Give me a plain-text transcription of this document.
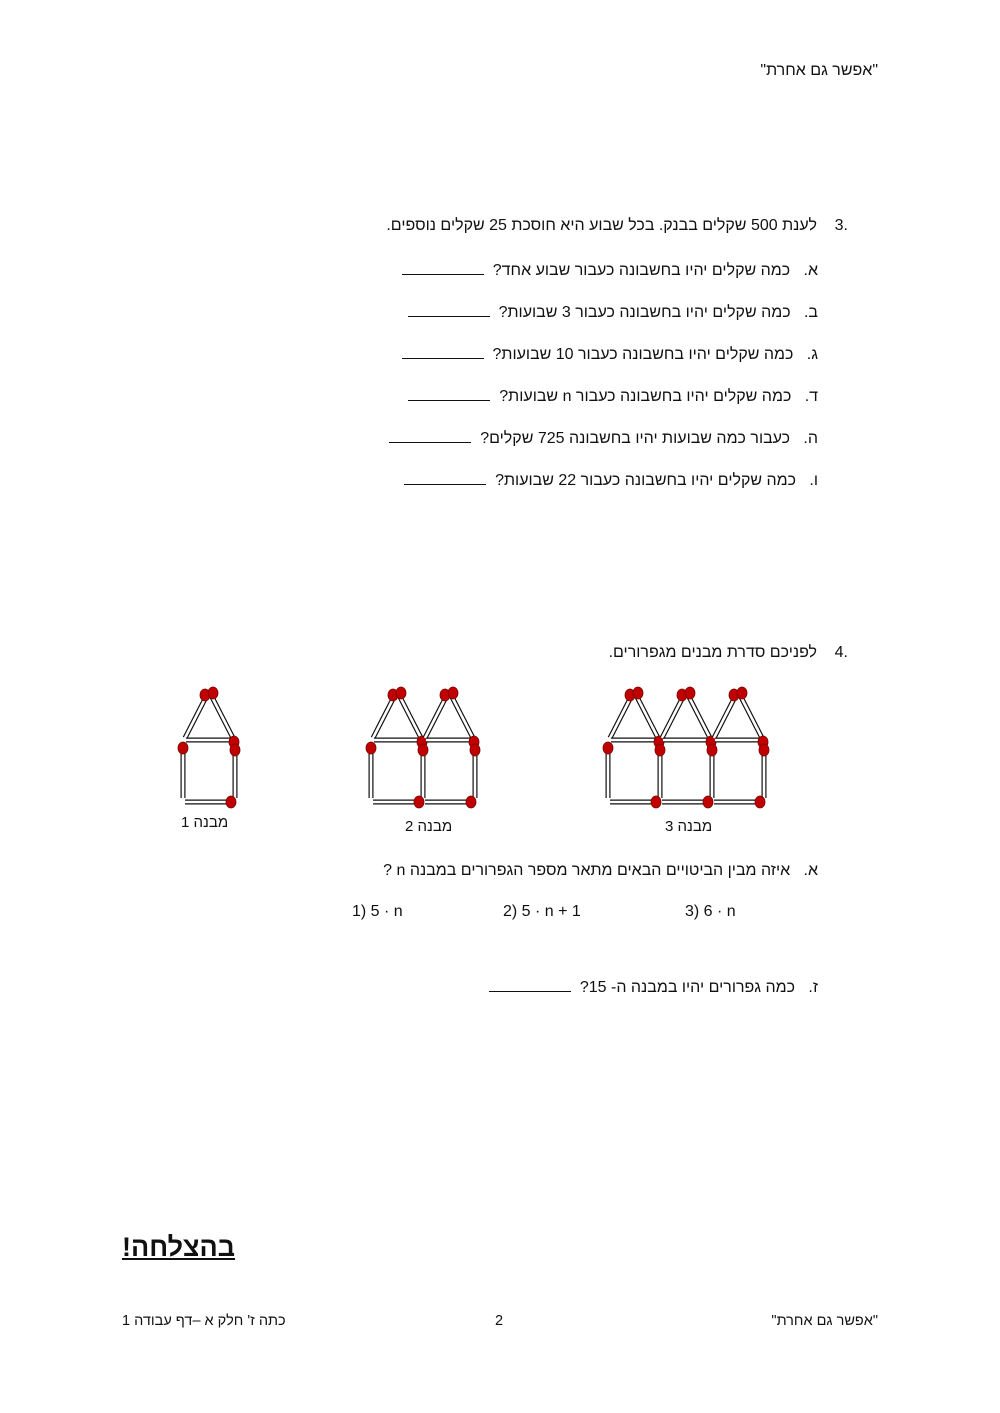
"אפשר גם אחרת"
3.
לענת 500 שקלים בבנק. בכל שבוע היא חוסכת 25 שקלים נוספים.
א.   כמה שקלים יהיו בחשבונה כעבור שבוע אחד?
ב.   כמה שקלים יהיו בחשבונה כעבור 3 שבועות?
ג.   כמה שקלים יהיו בחשבונה כעבור 10 שבועות?
ד.   כמה שקלים יהיו בחשבונה כעבור n שבועות?
ה.   כעבור כמה שבועות יהיו בחשבונה 725 שקלים?
ו.   כמה שקלים יהיו בחשבונה כעבור 22 שבועות?
4.
לפניכם סדרת מבנים מגפרורים.
מבנה 1	מבנה 2	מבנה 3
א.   איזה מבין הביטויים הבאים מתאר מספר הגפרורים במבנה n ?
1) 5 · n	2) 5 · n + 1	3) 6 · n
ז.   כמה גפרורים יהיו במבנה ה- 15?
בהצלחה!
"אפשר גם אחרת"
2
כתה ז' חלק א –דף עבודה 1
